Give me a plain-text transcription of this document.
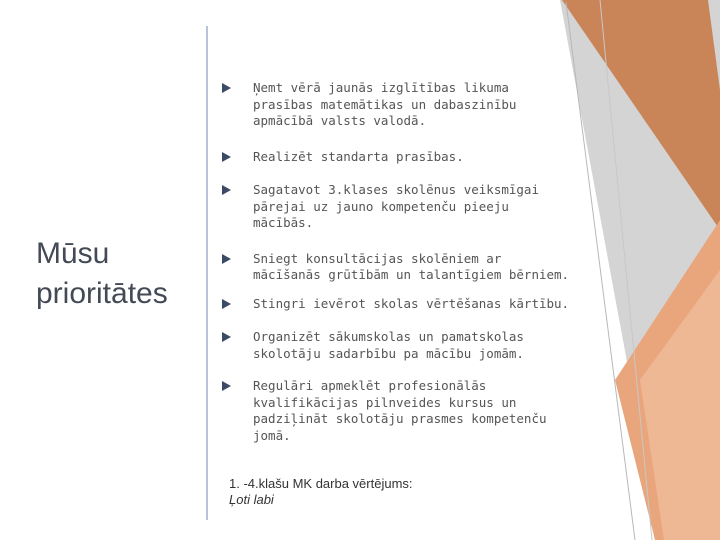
Mūsu prioritātes
Ņemt vērā jaunās izglītības likuma prasības matemātikas un dabaszinību apmācībā valsts valodā.
Realizēt standarta prasības.
Sagatavot 3.klases skolēnus veiksmīgai pārejai uz jauno kompetenču pieeju mācībās.
Sniegt konsultācijas skolēniem ar mācīšanās grūtībām un talantīgiem bērniem.
Stingri ievērot skolas vērtēšanas kārtību.
Organizēt sākumskolas un pamatskolas skolotāju sadarbību pa mācību jomām.
Regulāri apmeklēt profesionālās kvalifikācijas pilnveides kursus un padziļināt skolotāju prasmes kompetenču jomā.
1. -4.klašu MK darba vērtējums:
Ļoti labi
